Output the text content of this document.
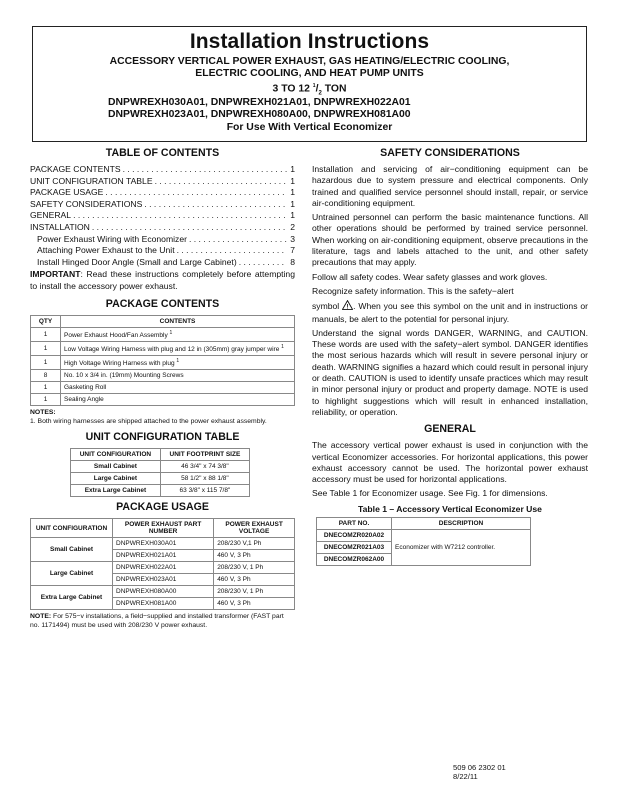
Installation Instructions
ACCESSORY VERTICAL POWER EXHAUST, GAS HEATING/ELECTRIC COOLING,
ELECTRIC COOLING, AND HEAT PUMP UNITS
3 TO 12 $^1/_2$ TON
DNPWREXH030A01, DNPWREXH021A01, DNPWREXH022A01
DNPWREXH023A01, DNPWREXH080A00, DNPWREXH081A00
For Use With Vertical Economizer
TABLE OF CONTENTS
PACKAGE CONTENTS . . .	1
UNIT CONFIGURATION TABLE . . .	1
PACKAGE USAGE . . .	1
SAFETY CONSIDERATIONS . . .	1
GENERAL . . .	1
INSTALLATION . . .	2
Power Exhaust Wiring with Economizer . . .	3
Attaching Power Exhaust to the Unit . . .	7
Install Hinged Door Angle (Small and Large Cabinet) . . .	8
IMPORTANT: Read these instructions completely before attempting to install the accessory power exhaust.
PACKAGE CONTENTS
QTY	CONTENTS
1	Power Exhaust Hood/Fan Assembly $^1$
1	Low Voltage Wiring Harness with plug and 12 in (305mm) gray jumper wire $^1$
1	High Voltage Wiring Harness with plug $^1$
8	No. 10 x 3/4 in. (19mm) Mounting Screws
1	Gasketing Roll
1	Sealing Angle
NOTES:
1. Both wiring harnesses are shipped attached to the power exhaust assembly.
UNIT CONFIGURATION TABLE
UNIT CONFIGURATION	UNIT FOOTPRINT SIZE
Small Cabinet	46 3/4" x 74 3/8"
Large Cabinet	58 1/2" x 88 1/8"
Extra Large Cabinet	63 3/8" x 115 7/8"
PACKAGE USAGE
UNIT CONFIGURATION	POWER EXHAUST PART NUMBER	POWER EXHAUST VOLTAGE
Small Cabinet	DNPWREXH030A01	208/230 V,1 Ph
	DNPWREXH021A01	460 V, 3 Ph
Large Cabinet	DNPWREXH022A01	208/230 V, 1 Ph
	DNPWREXH023A01	460 V, 3 Ph
Extra Large Cabinet	DNPWREXH080A00	208/230 V, 1 Ph
	DNPWREXH081A00	460 V, 3 Ph
NOTE: For 575−v installations, a field−supplied and installed transformer (FAST part no. 1171494) must be used with 208/230 V power exhaust.
SAFETY CONSIDERATIONS

Installation and servicing of air−conditioning equipment can be hazardous due to system pressure and electrical components. Only trained and qualified service personnel should install, repair, or service air-conditioning equipment.

Untrained personnel can perform the basic maintenance functions. All other operations should be performed by trained service personnel. When working on air-conditioning equipment, observe precautions in the literature, tags and labels attached to the unit, and other safety precautions that may apply.

Follow all safety codes. Wear safety glasses and work gloves.

Recognize safety information. This is the safety−alert

symbol ! . When you see this symbol on the unit and in instructions or manuals, be alert to the potential for personal injury.

Understand the signal words DANGER, WARNING, and CAUTION. These words are used with the safety−alert symbol. DANGER identifies the most serious hazards which will result in severe personal injury or death. WARNING signifies a hazard which could result in personal injury or death. CAUTION is used to identify unsafe practices which may result in minor personal injury or product and property damage. NOTE is used to highlight suggestions which will result in enhanced installation, reliability, or operation.

GENERAL

The accessory vertical power exhaust is used in conjunction with the vertical Economizer accessories. For horizontal applications, this power exhaust accessory cannot be used. The horizontal power exhaust accessory must be used for horizontal applications.

See Table 1 for Economizer usage. See Fig. 1 for dimensions.

Table 1 – Accessory Vertical Economizer Use
PART NO.	DESCRIPTION
DNECOMZR020A02	Economizer with W7212 controller.
DNECOMZR021A03	
DNECOMZR062A00	
509 06 2302 01
8/22/11
